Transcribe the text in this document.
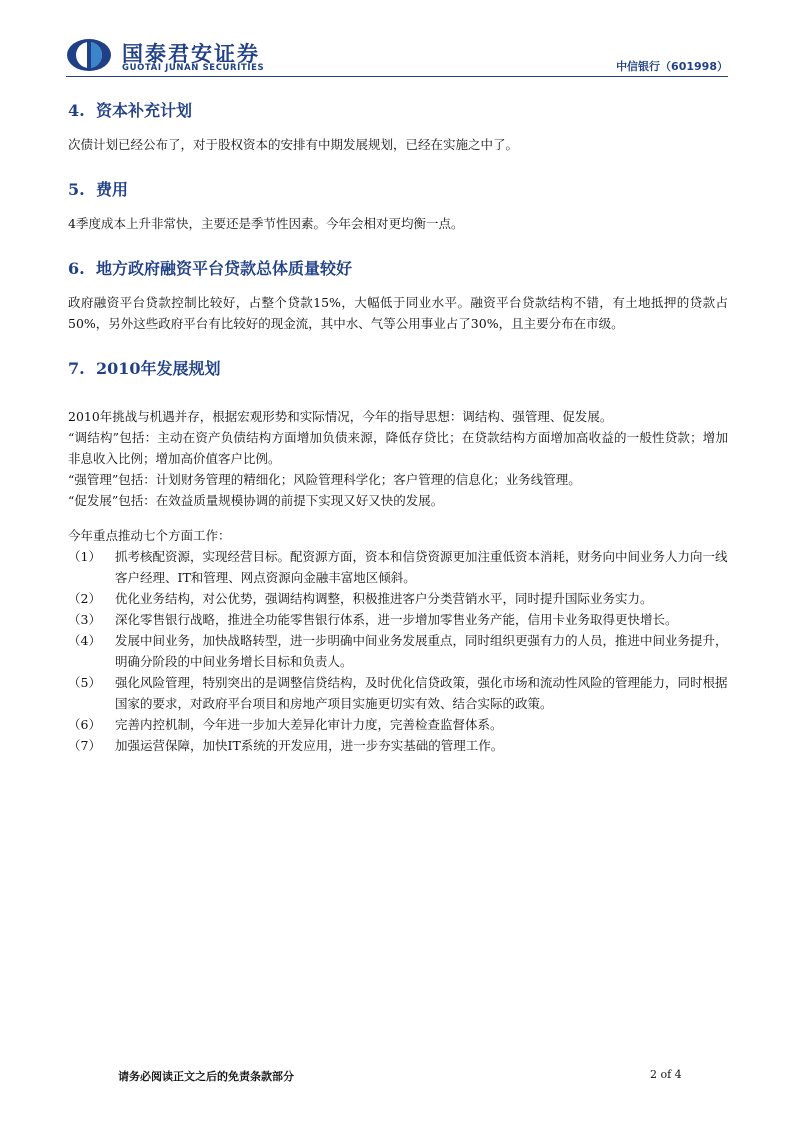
国泰君安证券
GUOTAI JUNAN SECURITIES	中信银行（601998）
4. 资本补充计划

次债计划已经公布了，对于股权资本的安排有中期发展规划，已经在实施之中了。

5. 费用

4季度成本上升非常快，主要还是季节性因素。今年会相对更均衡一点。

6. 地方政府融资平台贷款总体质量较好

政府融资平台贷款控制比较好，占整个贷款15%，大幅低于同业水平。融资平台贷款结构不错，有土地抵押的贷款占50%，另外这些政府平台有比较好的现金流，其中水、气等公用事业占了30%，且主要分布在市级。

7. 2010年发展规划

2010年挑战与机遇并存，根据宏观形势和实际情况，今年的指导思想：调结构、强管理、促发展。

“调结构”包括：主动在资产负债结构方面增加负债来源，降低存贷比；在贷款结构方面增加高收益的一般性贷款；增加非息收入比例；增加高价值客户比例。

“强管理”包括：计划财务管理的精细化；风险管理科学化；客户管理的信息化；业务线管理。

“促发展”包括：在效益质量规模协调的前提下实现又好又快的发展。

今年重点推动七个方面工作：

（1）	抓考核配资源，实现经营目标。配资源方面，资本和信贷资源更加注重低资本消耗，财务向中间业务人力向一线客户经理、IT和管理、网点资源向金融丰富地区倾斜。
（2）	优化业务结构，对公优势，强调结构调整，积极推进客户分类营销水平，同时提升国际业务实力。
（3）	深化零售银行战略，推进全功能零售银行体系，进一步增加零售业务产能，信用卡业务取得更快增长。
（4）	发展中间业务，加快战略转型，进一步明确中间业务发展重点，同时组织更强有力的人员，推进中间业务提升，明确分阶段的中间业务增长目标和负责人。
（5）	强化风险管理，特别突出的是调整信贷结构，及时优化信贷政策，强化市场和流动性风险的管理能力，同时根据国家的要求，对政府平台项目和房地产项目实施更切实有效、结合实际的政策。
（6）	完善内控机制，今年进一步加大差异化审计力度，完善检查监督体系。
（7）	加强运营保障，加快IT系统的开发应用，进一步夯实基础的管理工作。
请务必阅读正文之后的免责条款部分	2 of 4
